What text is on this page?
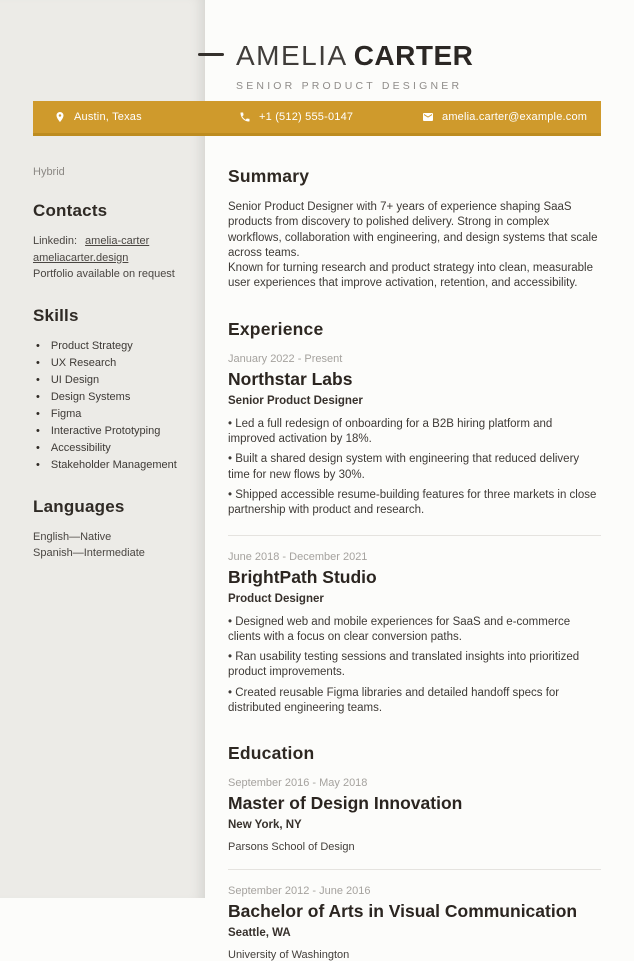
AMELIA CARTER
SENIOR PRODUCT DESIGNER
Austin, Texas	+1 (512) 555-0147	amelia.carter@example.com
Hybrid
Contacts
Linkedin: amelia-carter
ameliacarter.design
Portfolio available on request
Skills
• Product Strategy
• UX Research
• UI Design
• Design Systems
• Figma
• Interactive Prototyping
• Accessibility
• Stakeholder Management
Languages
English—Native
Spanish—Intermediate
Summary

Senior Product Designer with 7+ years of experience shaping SaaS products from discovery to polished delivery. Strong in complex workflows, collaboration with engineering, and design systems that scale across teams.

Known for turning research and product strategy into clean, measurable user experiences that improve activation, retention, and accessibility.

Experience
January 2022 - Present
Northstar Labs
Senior Product Designer

• Led a full redesign of onboarding for a B2B hiring platform and improved activation by 18%.

• Built a shared design system with engineering that reduced delivery time for new flows by 30%.

• Shipped accessible resume-building features for three markets in close partnership with product and research.

June 2018 - December 2021
BrightPath Studio
Product Designer

• Designed web and mobile experiences for SaaS and e-commerce clients with a focus on clear conversion paths.

• Ran usability testing sessions and translated insights into prioritized product improvements.

• Created reusable Figma libraries and detailed handoff specs for distributed engineering teams.

Education
September 2016 - May 2018
Master of Design Innovation
New York, NY
Parsons School of Design
September 2012 - June 2016
Bachelor of Arts in Visual Communication
Seattle, WA
University of Washington
